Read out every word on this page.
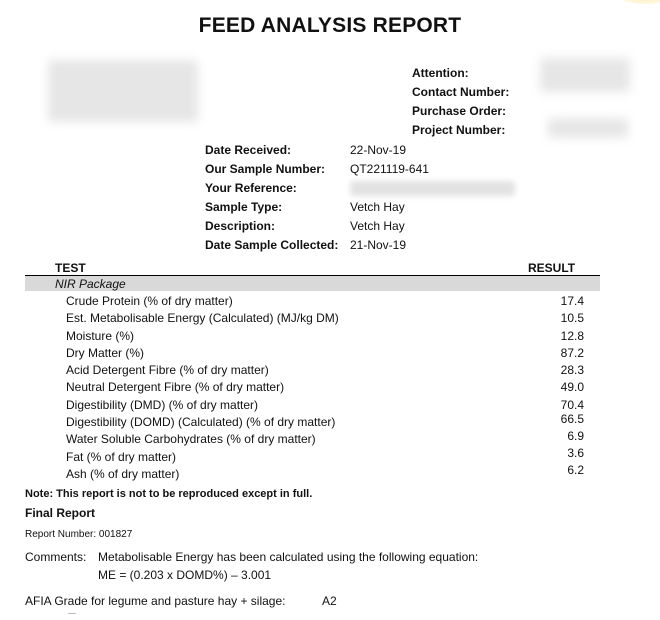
FEED ANALYSIS REPORT
Attention:
Contact Number:
Purchase Order:
Project Number:
Date Received:	22-Nov-19
Our Sample Number: QT221119-641
Your Reference:
Sample Type:	Vetch Hay
Description:	Vetch Hay
Date Sample Collected: 21-Nov-19
TEST	RESULT
NIR Package
Crude Protein (% of dry matter)	17.4
Est. Metabolisable Energy (Calculated) (MJ/kg DM)	10.5
Moisture (%)	12.8
Dry Matter (%)	87.2
Acid Detergent Fibre (% of dry matter)	28.3
Neutral Detergent Fibre (% of dry matter)	49.0
Digestibility (DMD) (% of dry matter)	70.4
Digestibility (DOMD) (Calculated) (% of dry matter)	66.5
Water Soluble Carbohydrates (% of dry matter)	6.9
Fat (% of dry matter)	3.6
Ash (% of dry matter)	6.2
Note: This report is not to be reproduced except in full.
Final Report
Report Number: 001827
Comments: Metabolisable Energy has been calculated using the following equation:
ME = (0.203 x DOMD%) – 3.001
AFIA Grade for legume and pasture hay + silage:	A2
